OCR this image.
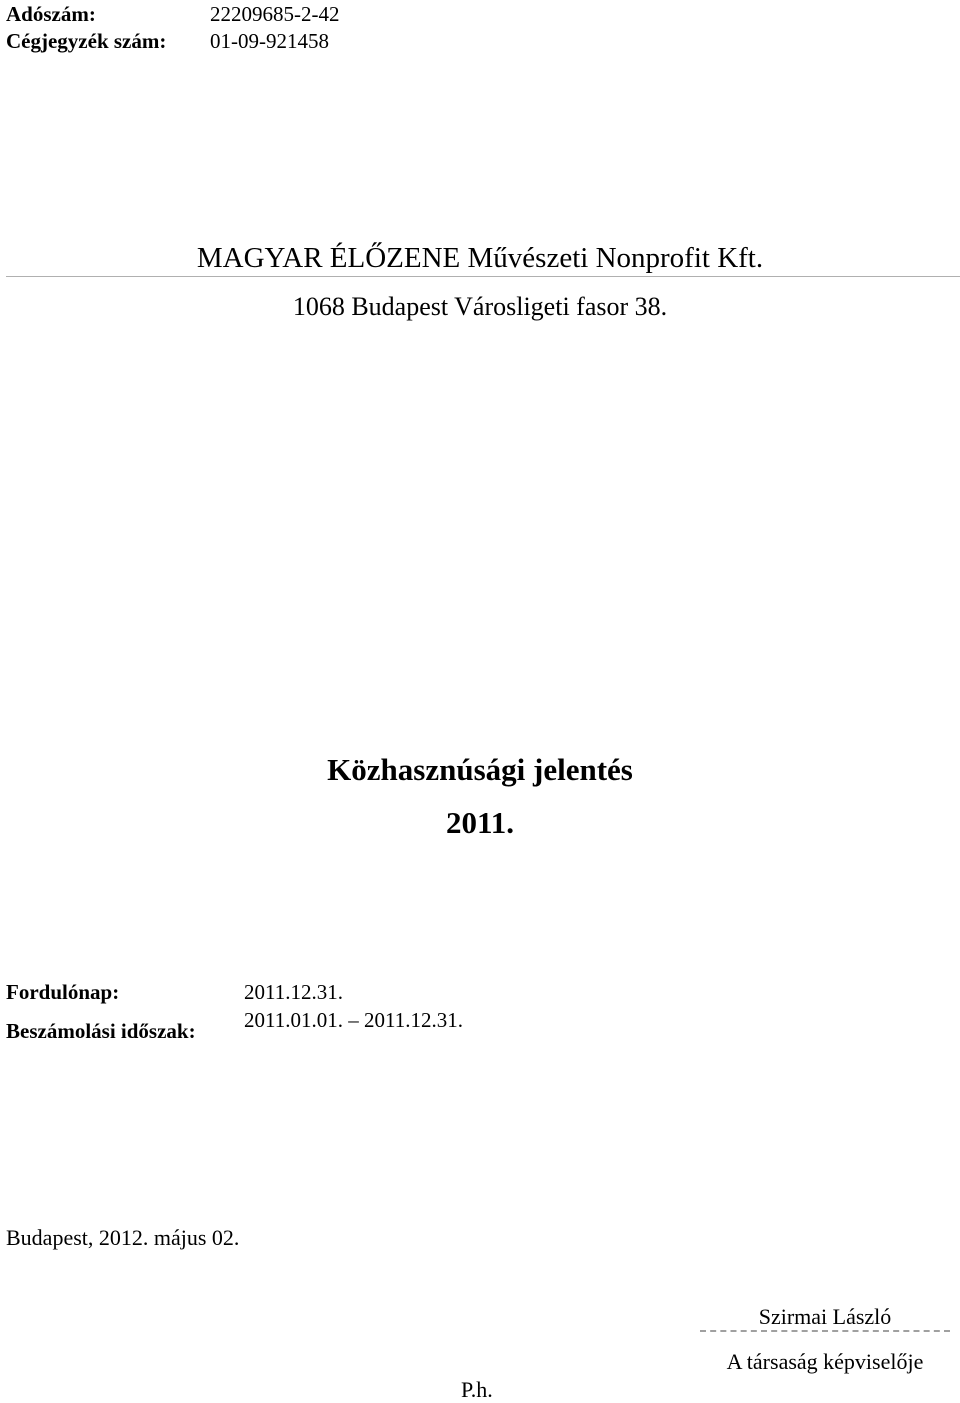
Adószám:	22209685-2-42
Cégjegyzék szám: 01-09-921458
MAGYAR ÉLŐZENE Művészeti Nonprofit Kft.
1068 Budapest Városligeti fasor 38.
Közhasznúsági jelentés
2011.
Fordulónap:	2011.12.31.
Beszámolási időszak: 2011.01.01. – 2011.12.31.
Budapest, 2012. május 02.
Szirmai László
A társaság képviselője
P.h.
